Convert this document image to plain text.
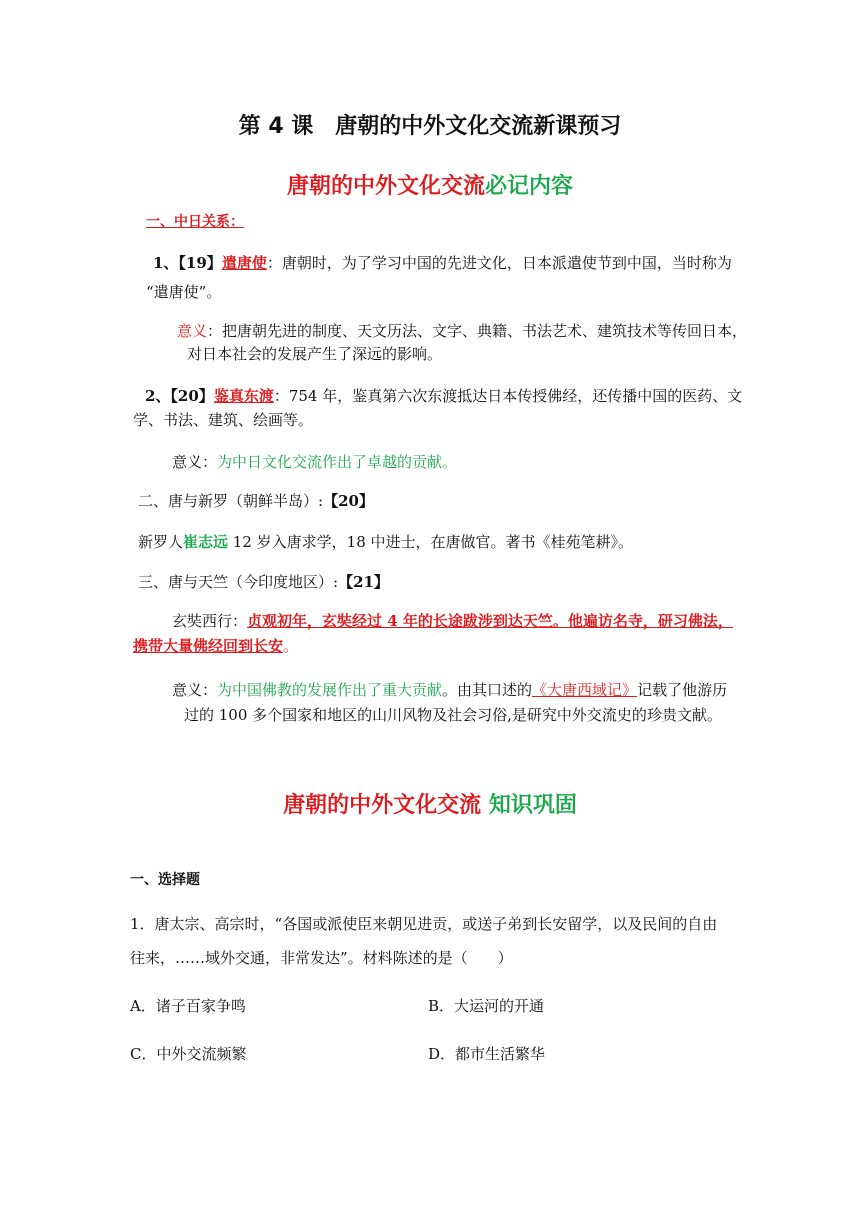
第 4 课　唐朝的中外文化交流新课预习
唐朝的中外文化交流必记内容
一、中日关系：
1、【19】遣唐使：唐朝时，为了学习中国的先进文化，日本派遣使节到中国，当时称为
“遣唐使”。
意义：把唐朝先进的制度、天文历法、文字、典籍、书法艺术、建筑技术等传回日本，
对日本社会的发展产生了深远的影响。
2、【20】鉴真东渡：754 年，鉴真第六次东渡抵达日本传授佛经，还传播中国的医药、文
学、书法、建筑、绘画等。
意义：为中日文化交流作出了卓越的贡献。
二、唐与新罗（朝鲜半岛）:【20】
新罗人崔志远 12 岁入唐求学，18 中进士，在唐做官。著书《桂苑笔耕》。
三、唐与天竺（今印度地区）:【21】
玄奘西行：贞观初年，玄奘经过 4 年的长途跋涉到达天竺。他遍访名寺，研习佛法，
携带大量佛经回到长安。
意义：为中国佛教的发展作出了重大贡献。由其口述的《大唐西域记》记载了他游历
过的 100 多个国家和地区的山川风物及社会习俗,是研究中外交流史的珍贵文献。
唐朝的中外文化交流 知识巩固
一、选择题
1．唐太宗、高宗时，“各国或派使臣来朝见进贡，或送子弟到长安留学，以及民间的自由
往来，……域外交通，非常发达”。材料陈述的是（　　）
A．诸子百家争鸣	B．大运河的开通
C．中外交流频繁	D．都市生活繁华
